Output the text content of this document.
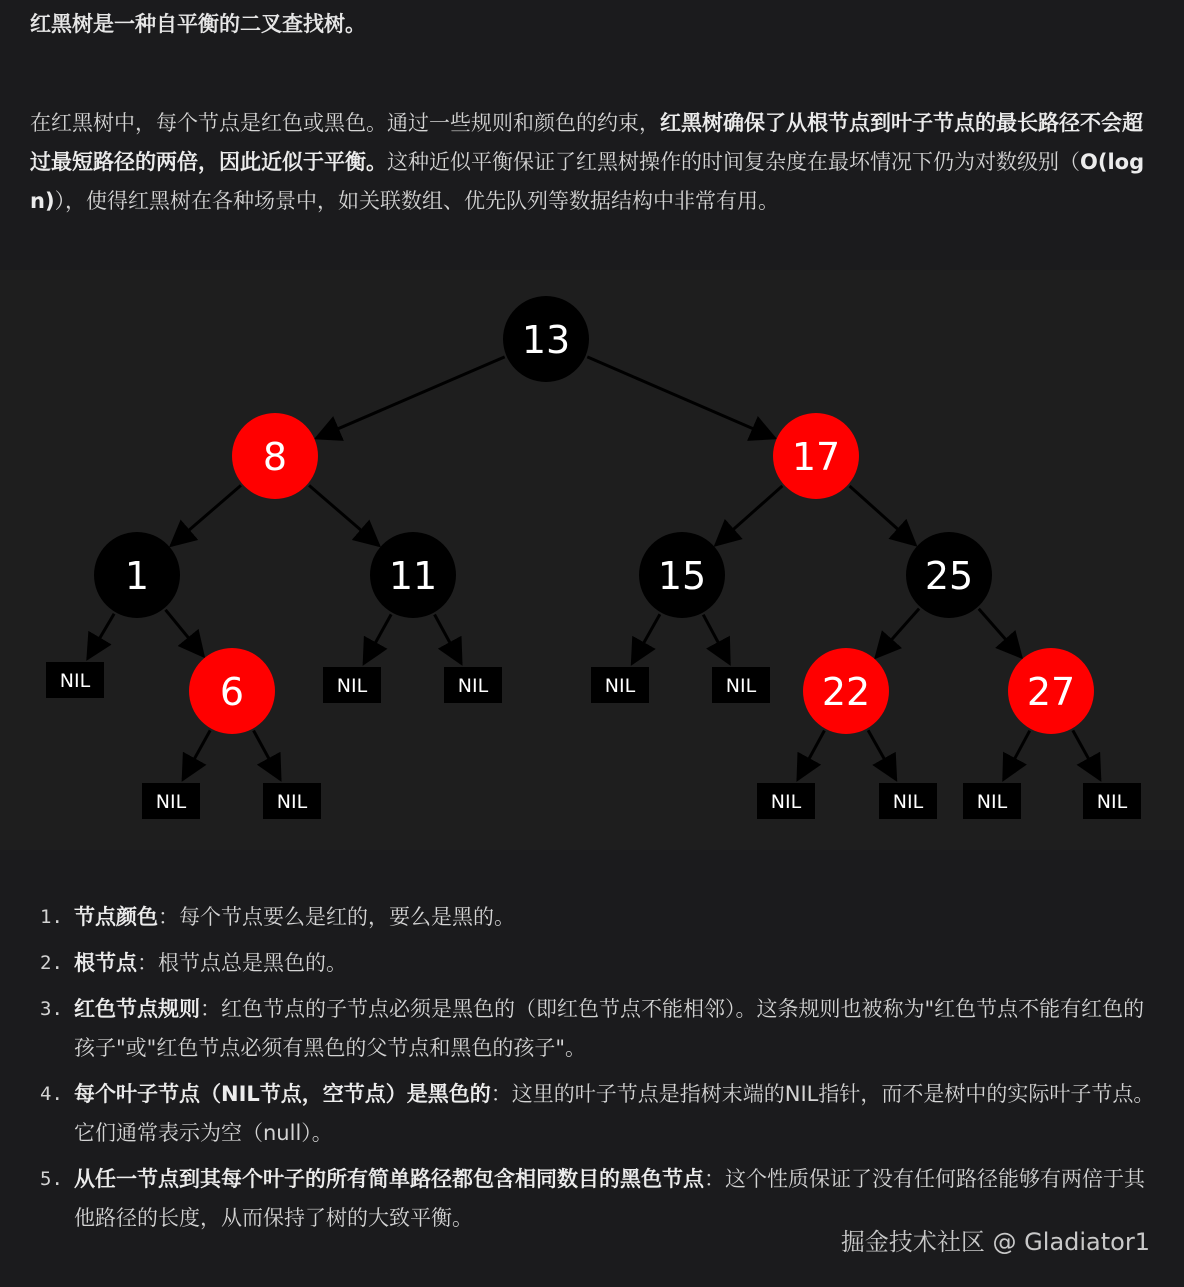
红黑树是一种自平衡的二叉查找树。
在红黑树中，每个节点是红色或黑色。通过一些规则和颜色的约束，红黑树确保了从根节点到叶子节点的最长路径不会超过最短路径的两倍，因此近似于平衡。这种近似平衡保证了红黑树操作的时间复杂度在最坏情况下仍为对数级别（O(log n)），使得红黑树在各种场景中，如关联数组、优先队列等数据结构中非常有用。
13
8	17
1	11	15	25
6	22	27
NIL
NIL	NIL
NIL	NIL	NIL	NIL
NIL	NIL	NIL	NIL
1. 节点颜色：每个节点要么是红的，要么是黑的。
2. 根节点：根节点总是黑色的。
3. 红色节点规则：红色节点的子节点必须是黑色的（即红色节点不能相邻）。这条规则也被称为"红色节点不能有红色的孩子"或"红色节点必须有黑色的父节点和黑色的孩子"。
4. 每个叶子节点（NIL节点，空节点）是黑色的：这里的叶子节点是指树末端的NIL指针，而不是树中的实际叶子节点。它们通常表示为空（null）。
5. 从任一节点到其每个叶子的所有简单路径都包含相同数目的黑色节点：这个性质保证了没有任何路径能够有两倍于其他路径的长度，从而保持了树的大致平衡。
掘金技术社区 @ Gladiator1
